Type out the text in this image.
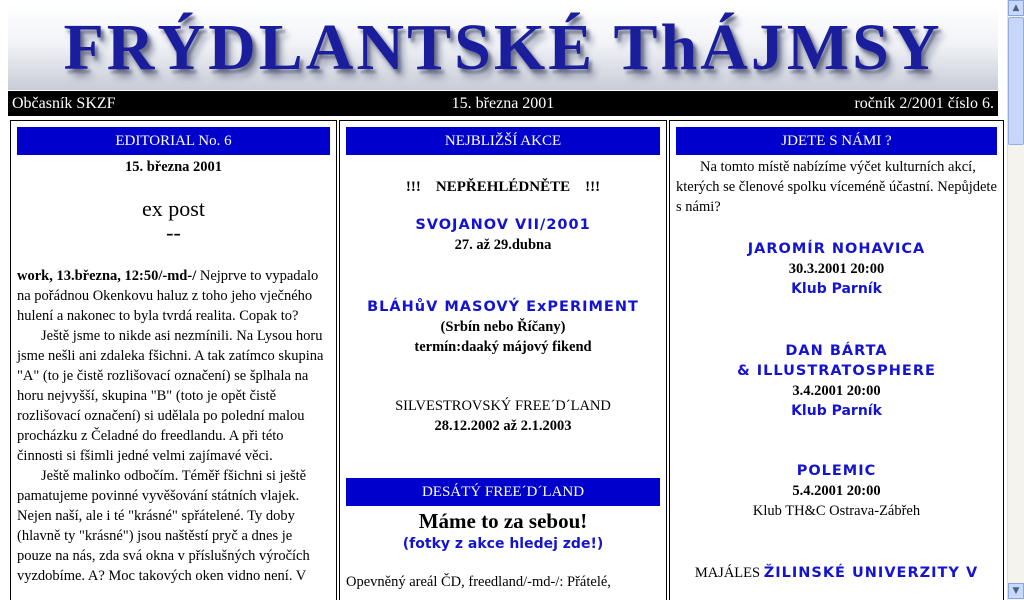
FRÝDLANTSKÉ ThÁJMSY
Občasník SKZF	15. března 2001	ročník 2/2001 číslo 6.
EDITORIAL No. 6
15. března 2001
ex post
--

work, 13.března, 12:50/-md-/ Nejprve to vypadalo na pořádnou Okenkovu haluz z toho jeho vječného hulení a nakonec to byla tvrdá realita. Copak to?

Ještě jsme to nikde asi nezmínili. Na Lysou horu jsme nešli ani zdaleka fšichni. A tak zatímco skupina "A" (to je čistě rozlišovací označení) se šplhala na horu nejvyšší, skupina "B" (toto je opět čistě rozlišovací označení) si udělala po polední malou procházku z Čeladné do freedlandu. A při této činnosti si fšimli jedné velmi zajímavé věci.

Ještě malinko odbočím. Téměř fšichni si ještě pamatujeme povinné vyvěšování státních vlajek. Nejen naší, ale i té "krásné" spřátelené. Ty doby (hlavně ty "krásné") jsou naštěstí pryč a dnes je pouze na nás, zda svá okna v příslušných výročích vyzdobíme. A? Moc takových oken vidno není. V

NEJBLIŽŠÍ AKCE
!!!    NEPŘEHLÉDNĚTE    !!!
SVOJANOV VII/2001
27. až 29.dubna
BLÁHůV MASOVÝ ExPERIMENT
(Srbín nebo Říčany)
termín:daaký májový fikend
SILVESTROVSKÝ FREE´D´LAND
28.12.2002 až 2.1.2003
DESÁTÝ FREE´D´LAND
Máme to za sebou!
(fotky z akce hledej zde!)
Opevněný areál ČD, freedland/-md-/: Přátelé,
JDETE S NÁMI ?
Na tomto místě nabízíme výčet kulturních akcí, kterých se členové spolku víceméně účastní. Nepůjdete s námi?
JAROMÍR NOHAVICA
30.3.2001 20:00
Klub Parník
DAN BÁRTA
& ILLUSTRATOSPHERE
3.4.2001 20:00
Klub Parník
POLEMIC
5.4.2001 20:00
Klub TH&C Ostrava-Zábřeh
MAJÁLES ŽILINSKÉ UNIVERZITY V
▲
▼
